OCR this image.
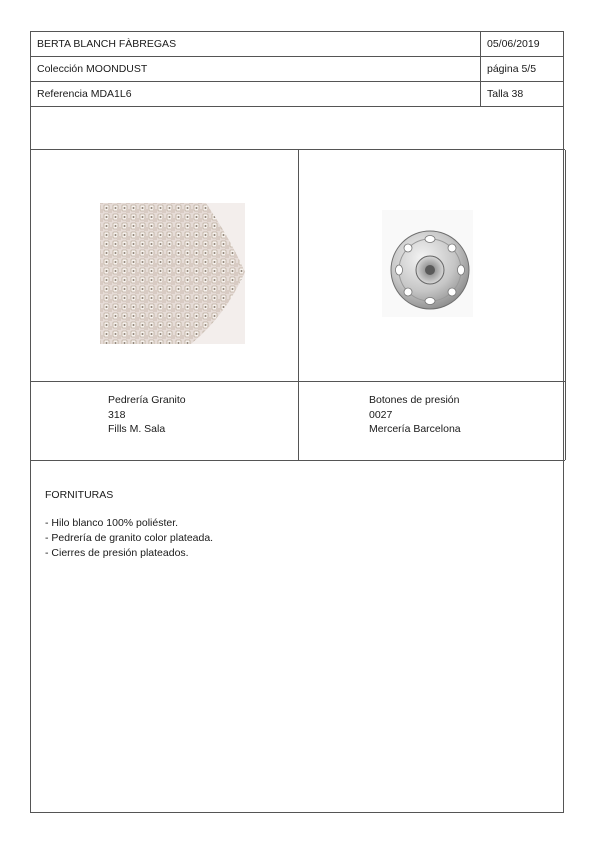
BERTA BLANCH FÀBREGAS	05/06/2019
Colección MOONDUST	página 5/5
Referencia MDA1L6	Talla 38
Pedrería Granito
318
Fills M. Sala
Botones de presión
0027
Mercería Barcelona
FORNITURAS
- Hilo blanco 100% poliéster.
- Pedrería de granito color plateada.
- Cierres de presión plateados.
